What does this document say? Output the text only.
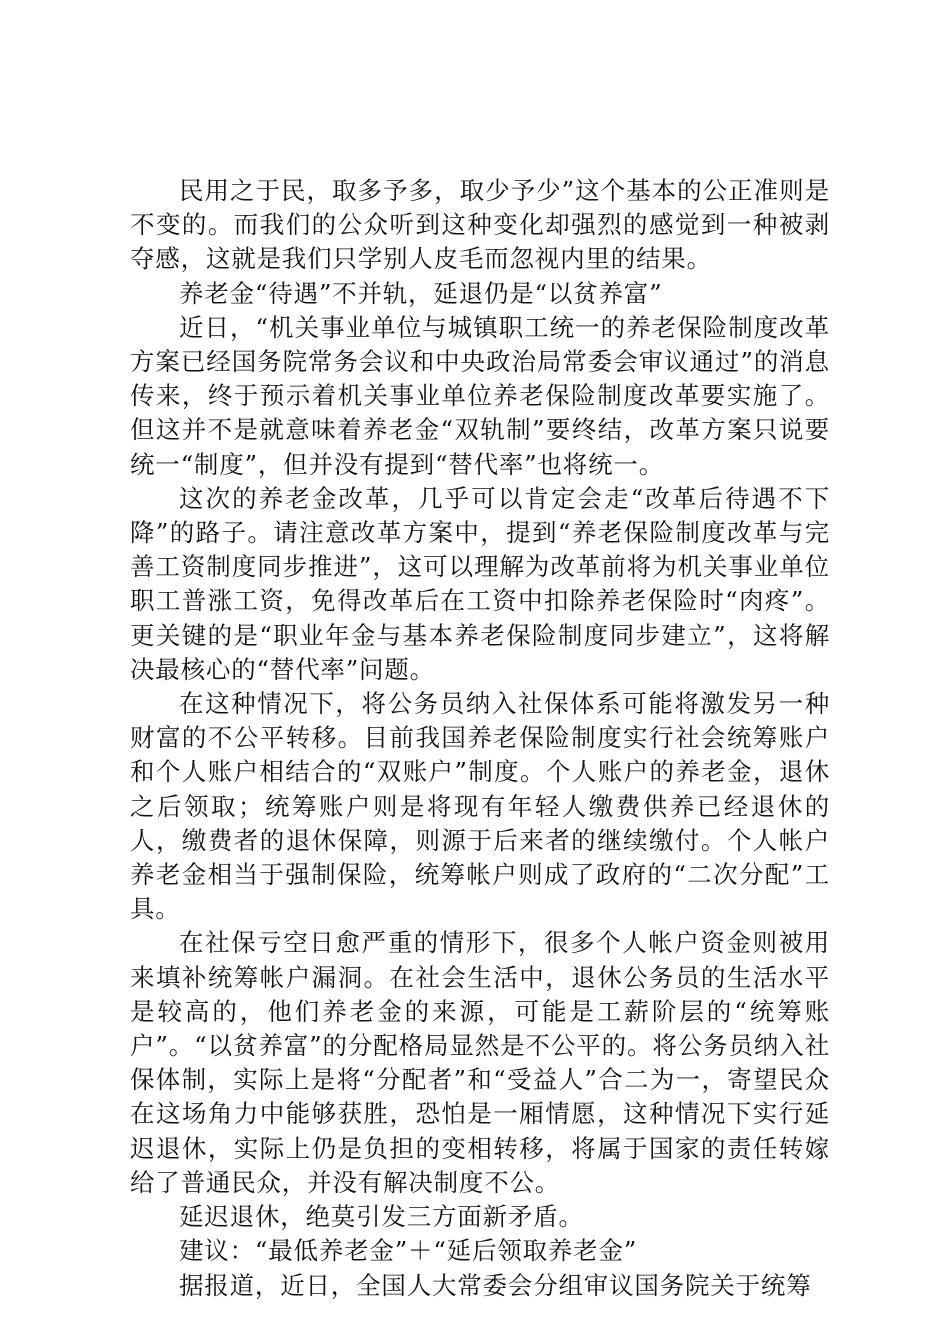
民用之于民，取多予多，取少予少”这个基本的公正准则是不变的。而我们的公众听到这种变化却强烈的感觉到一种被剥夺感，这就是我们只学别人皮毛而忽视内里的结果。

养老金“待遇”不并轨，延退仍是“以贫养富”

近日，“机关事业单位与城镇职工统一的养老保险制度改革方案已经国务院常务会议和中央政治局常委会审议通过”的消息传来，终于预示着机关事业单位养老保险制度改革要实施了。但这并不是就意味着养老金“双轨制”要终结，改革方案只说要统一“制度”，但并没有提到“替代率”也将统一。

这次的养老金改革，几乎可以肯定会走“改革后待遇不下降”的路子。请注意改革方案中，提到“养老保险制度改革与完善工资制度同步推进”，这可以理解为改革前将为机关事业单位职工普涨工资，免得改革后在工资中扣除养老保险时“肉疼”。更关键的是“职业年金与基本养老保险制度同步建立”，这将解决最核心的“替代率”问题。

在这种情况下，将公务员纳入社保体系可能将激发另一种财富的不公平转移。目前我国养老保险制度实行社会统筹账户和个人账户相结合的“双账户”制度。个人账户的养老金，退休之后领取；统筹账户则是将现有年轻人缴费供养已经退休的人，缴费者的退休保障，则源于后来者的继续缴付。个人帐户养老金相当于强制保险，统筹帐户则成了政府的“二次分配”工具。

在社保亏空日愈严重的情形下，很多个人帐户资金则被用来填补统筹帐户漏洞。在社会生活中，退休公务员的生活水平是较高的，他们养老金的来源，可能是工薪阶层的“统筹账户”。“以贫养富”的分配格局显然是不公平的。将公务员纳入社保体制，实际上是将“分配者”和“受益人”合二为一，寄望民众在这场角力中能够获胜，恐怕是一厢情愿，这种情况下实行延迟退休，实际上仍是负担的变相转移，将属于国家的责任转嫁给了普通民众，并没有解决制度不公。

延迟退休，绝莫引发三方面新矛盾。

建议：“最低养老金”＋“延后领取养老金”

据报道，近日，全国人大常委会分组审议国务院关于统筹
